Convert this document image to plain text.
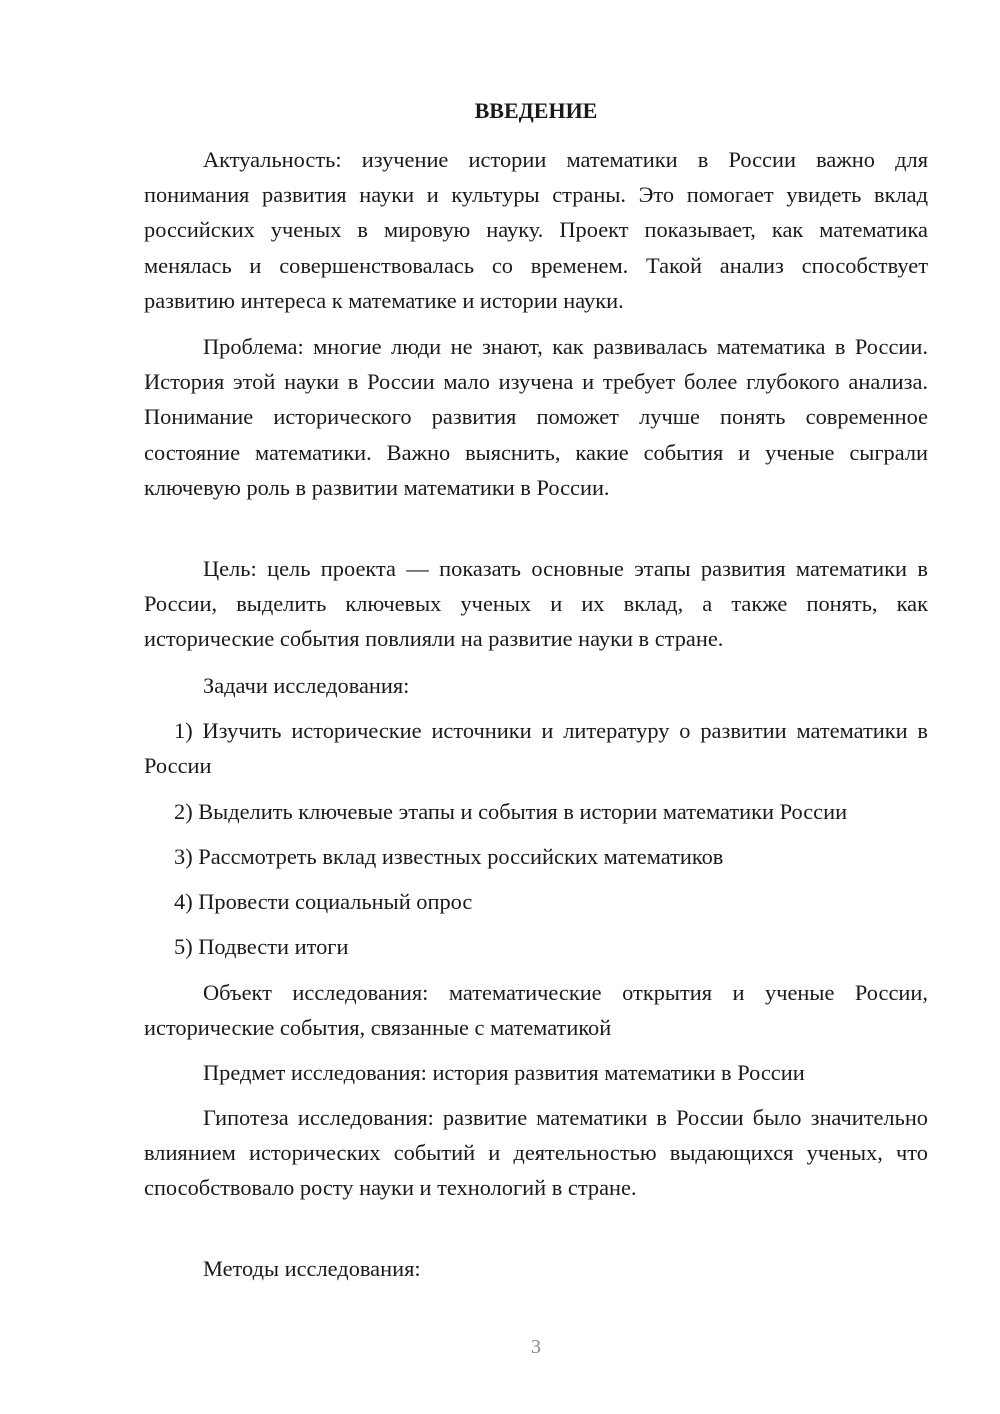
ВВЕДЕНИЕ

Актуальность: изучение истории математики в России важно для понимания развития науки и культуры страны. Это помогает увидеть вклад российских ученых в мировую науку. Проект показывает, как математика менялась и совершенствовалась со временем. Такой анализ способствует развитию интереса к математике и истории науки.

Проблема: многие люди не знают, как развивалась математика в России. История этой науки в России мало изучена и требует более глубокого анализа. Понимание исторического развития поможет лучше понять современное состояние математики. Важно выяснить, какие события и ученые сыграли ключевую роль в развитии математики в России.

Цель: цель проекта — показать основные этапы развития математики в России, выделить ключевых ученых и их вклад, а также понять, как исторические события повлияли на развитие науки в стране.

Задачи исследования:

1) Изучить исторические источники и литературу о развитии математики в России

2) Выделить ключевые этапы и события в истории математики России

3) Рассмотреть вклад известных российских математиков

4) Провести социальный опрос

5) Подвести итоги

Объект исследования: математические открытия и ученые России, исторические события, связанные с математикой

Предмет исследования: история развития математики в России

Гипотеза исследования: развитие математики в России было значительно влиянием исторических событий и деятельностью выдающихся ученых, что способствовало росту науки и технологий в стране.

Методы исследования:

3
